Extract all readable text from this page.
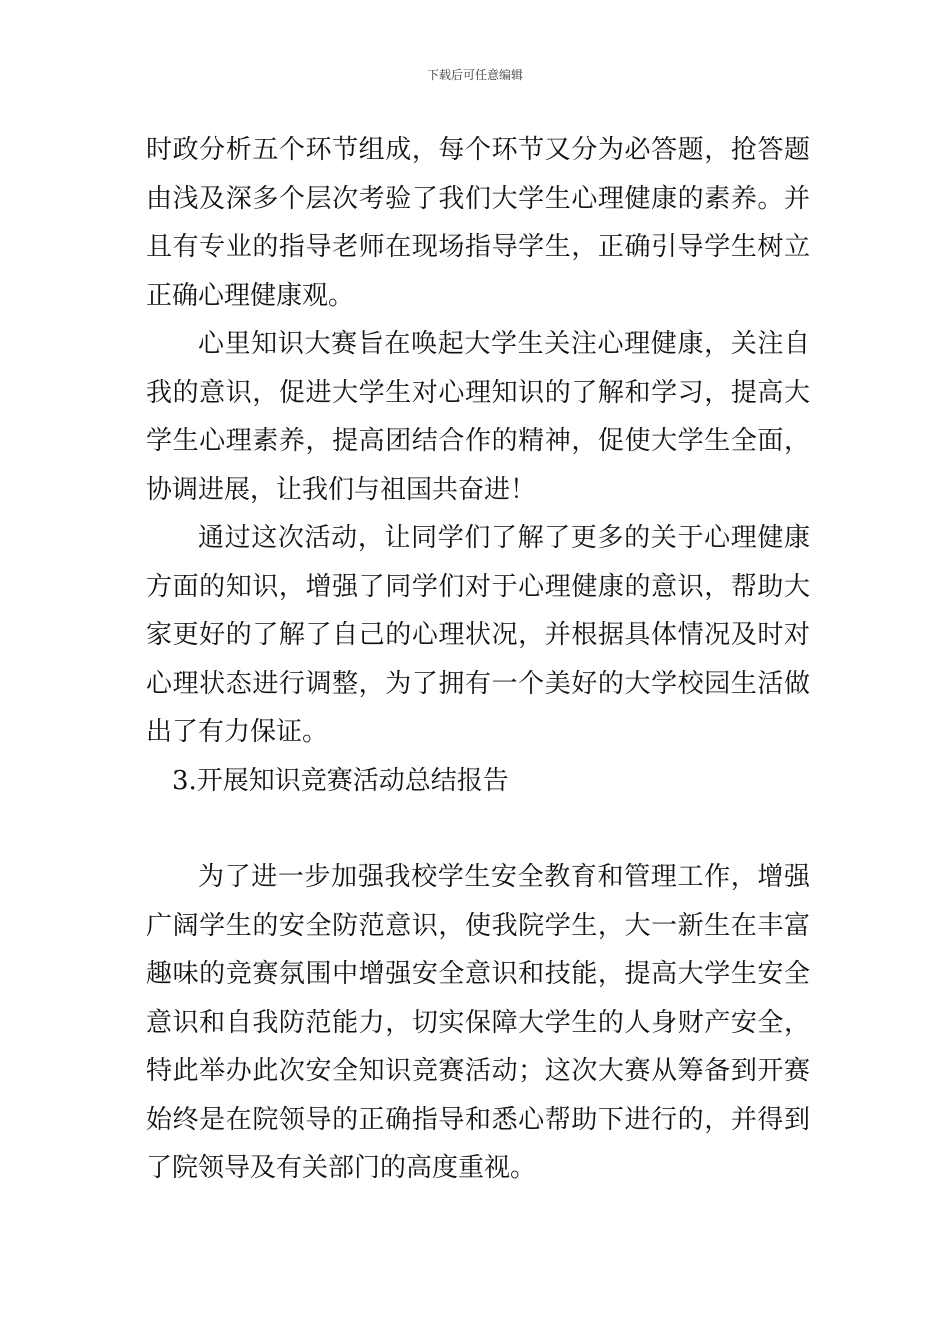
下载后可任意编辑

时政分析五个环节组成，每个环节又分为必答题，抢答题由浅及深多个层次考验了我们大学生心理健康的素养。并且有专业的指导老师在现场指导学生，正确引导学生树立正确心理健康观。

心里知识大赛旨在唤起大学生关注心理健康，关注自我的意识，促进大学生对心理知识的了解和学习，提高大学生心理素养，提高团结合作的精神，促使大学生全面，协调进展，让我们与祖国共奋进！

通过这次活动，让同学们了解了更多的关于心理健康方面的知识，增强了同学们对于心理健康的意识，帮助大家更好的了解了自己的心理状况，并根据具体情况及时对心理状态进行调整，为了拥有一个美好的大学校园生活做出了有力保证。

3.开展知识竞赛活动总结报告

为了进一步加强我校学生安全教育和管理工作，增强广阔学生的安全防范意识，使我院学生，大一新生在丰富趣味的竞赛氛围中增强安全意识和技能，提高大学生安全意识和自我防范能力，切实保障大学生的人身财产安全，特此举办此次安全知识竞赛活动；这次大赛从筹备到开赛始终是在院领导的正确指导和悉心帮助下进行的，并得到了院领导及有关部门的高度重视。
